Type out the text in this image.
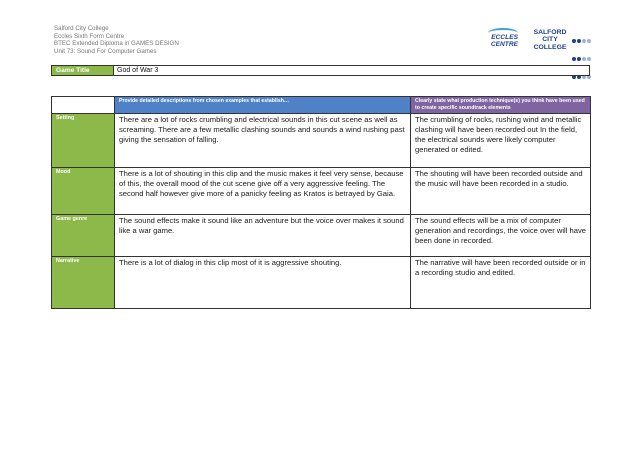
Salford City College
Eccles Sixth Form Centre
BTEC Extended Diploma in GAMES DESIGN
Unit 73: Sound For Computer Games
ECCLES CENTRE
SALFORD CITY COLLEGE

Game Title	God of War 3
	Provide detailed descriptions from chosen examples that establish…	Clearly state what production technique(s) you think have been used to create specific soundtrack elements
Setting	There are a lot of rocks crumbling and electrical sounds in this cut scene as well as screaming. There are a few metallic clashing sounds and sounds a wind rushing past giving the sensation of falling.	The crumbling of rocks, rushing wind and metallic clashing will have been recorded out In the field, the electrical sounds were likely computer generated or edited.
Mood	There is a lot of shouting in this clip and the music makes it feel very sense, because of this, the overall mood of the cut scene give off a very aggressive feeling. The second half however give more of a panicky feeling as Kratos is betrayed by Gaia.	The shouting will have been recorded outside and the music will have been recorded in a studio.
Game genre	The sound effects make it sound like an adventure but the voice over makes it sound like a war game.	The sound effects will be a mix of computer generation and recordings, the voice over will have been done in recorded.
Narrative	There is a lot of dialog in this clip most of it is aggressive shouting.	The narrative will have been recorded outside or in a recording studio and edited.
